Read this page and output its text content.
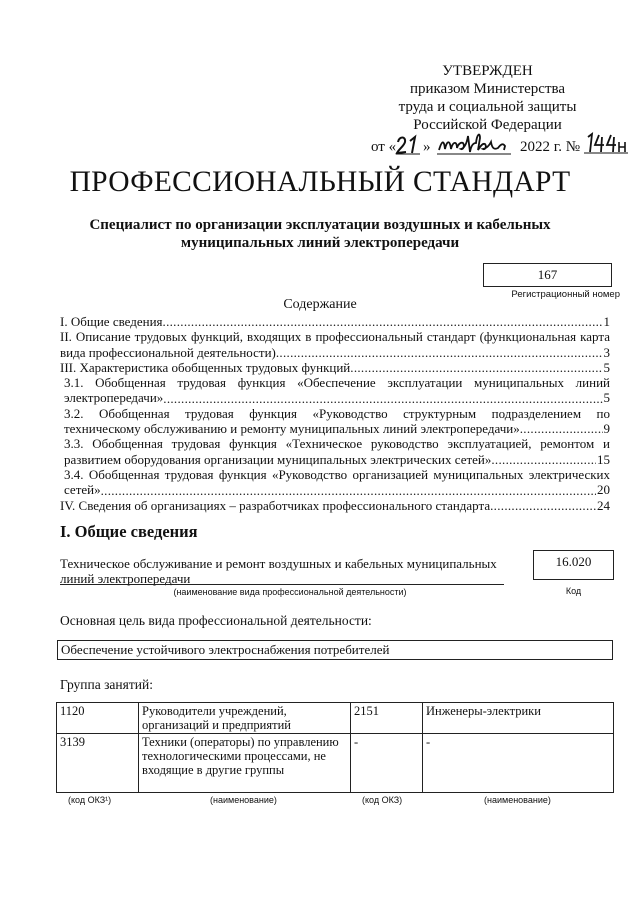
УТВЕРЖДЕН
приказом Министерства
труда и социальной защиты
Российской Федерации
от « »	2022 г. №
ПРОФЕССИОНАЛЬНЫЙ СТАНДАРТ
Специалист по организации эксплуатации воздушных и кабельных муниципальных линий электропередачи
167
Регистрационный номер
Содержание
I. Общие сведения .....	1
II. Описание трудовых функций, входящих в профессиональный стандарт (функциональная карта
вида профессиональной деятельности) .....	3
III. Характеристика обобщенных трудовых функций .....	5
3.1. Обобщенная трудовая функция «Обеспечение эксплуатации муниципальных линий
электропередачи» .....	5
3.2. Обобщенная трудовая функция «Руководство структурным подразделением по
техническому обслуживанию и ремонту муниципальных линий электропередачи» .....	9
3.3. Обобщенная трудовая функция «Техническое руководство эксплуатацией, ремонтом и
развитием оборудования организации муниципальных электрических сетей» .....	15
3.4. Обобщенная трудовая функция «Руководство организацией муниципальных электрических
сетей» .....	20
IV. Сведения об организациях – разработчиках профессионального стандарта .....	24
I. Общие сведения
Техническое обслуживание и ремонт воздушных и кабельных муниципальных линий электропередачи
16.020
(наименование вида профессиональной деятельности)	Код
Основная цель вида профессиональной деятельности:
Обеспечение устойчивого электроснабжения потребителей
Группа занятий:
1120	Руководители учреждений, организаций и предприятий	2151	Инженеры-электрики
3139	Техники (операторы) по управлению технологическими процессами, не входящие в другие группы	-	-
(код ОКЗ¹)	(наименование)	(код ОКЗ)	(наименование)
